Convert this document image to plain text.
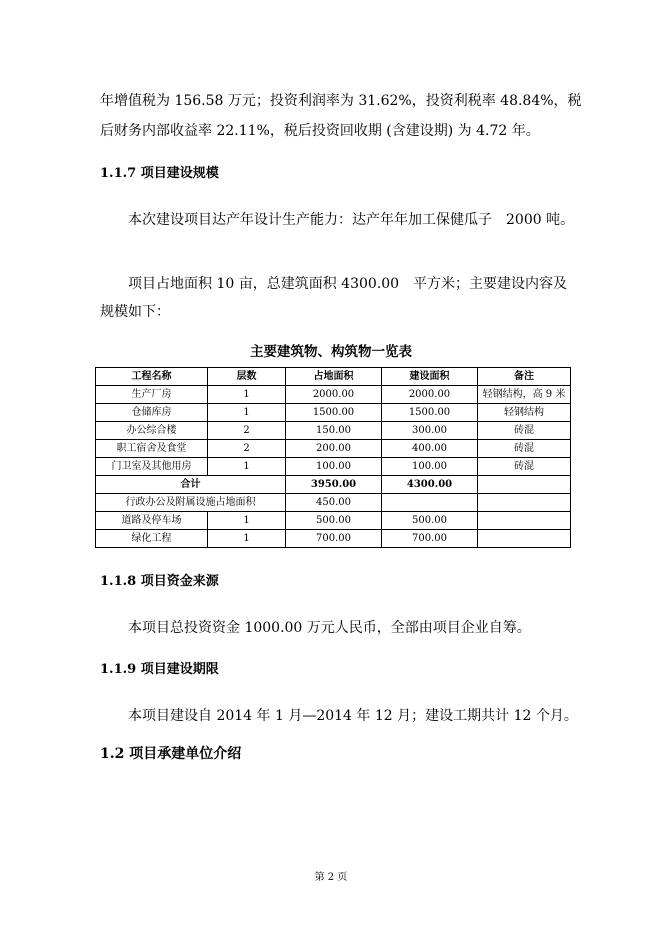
年增值税为 156.58 万元；投资利润率为 31.62%，投资利税率 48.84%，税

后财务内部收益率 22.11%，税后投资回收期 (含建设期) 为 4.72 年。

1.1.7 项目建设规模

本次建设项目达产年设计生产能力：达产年年加工保健瓜子　2000 吨。

项目占地面积 10 亩，总建筑面积 4300.00　平方米；主要建设内容及

规模如下：

主要建筑物、构筑物一览表
工程名称	层数	占地面积	建设面积	备注
生产厂房	1	2000.00	2000.00	轻钢结构，高 9 米
仓储库房	1	1500.00	1500.00	轻钢结构
办公综合楼	2	150.00	300.00	砖混
职工宿舍及食堂	2	200.00	400.00	砖混
门卫室及其他用房	1	100.00	100.00	砖混
合计		3950.00	4300.00	
行政办公及附属设施占地面积		450.00		
道路及停车场	1	500.00	500.00	
绿化工程	1	700.00	700.00	
1.1.8 项目资金来源

本项目总投资资金 1000.00 万元人民币，全部由项目企业自筹。

1.1.9 项目建设期限

本项目建设自 2014 年 1 月—2014 年 12 月；建设工期共计 12 个月。

1.2 项目承建单位介绍
第 2 页
